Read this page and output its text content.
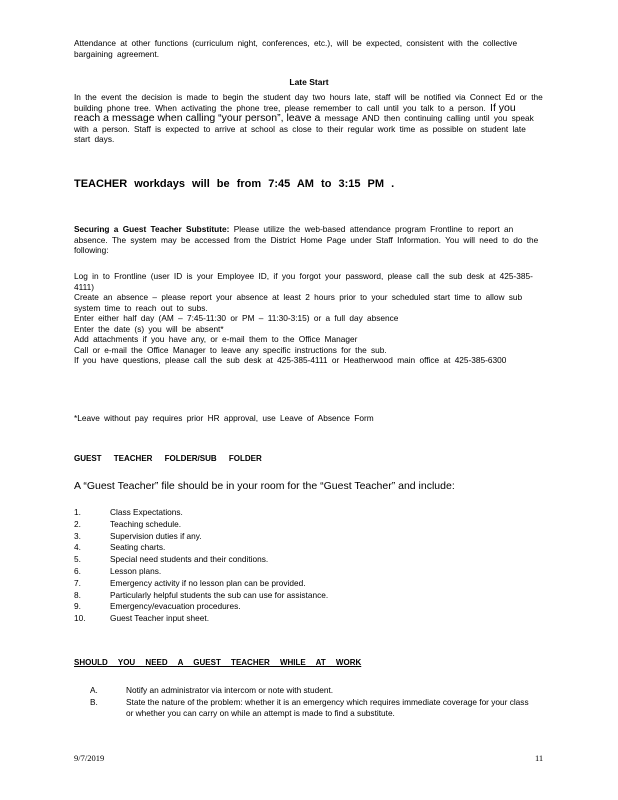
Attendance at other functions (curriculum night, conferences, etc.), will be expected, consistent with the collective bargaining agreement.

Late Start

In the event the decision is made to begin the student day two hours late, staff will be notified via Connect Ed or the building phone tree. When activating the phone tree, please remember to call until you talk to a person. If you reach a message when calling “your person”, leave a message AND then continuing calling until you speak with a person. Staff is expected to arrive at school as close to their regular work time as possible on student late start days.

TEACHER workdays will be from 7:45 AM to 3:15 PM .

Securing a Guest Teacher Substitute: Please utilize the web-based attendance program Frontline to report an absence. The system may be accessed from the District Home Page under Staff Information. You will need to do the following:

Log in to Frontline (user ID is your Employee ID, if you forgot your password, please call the sub desk at 425-385-4111)

Create an absence – please report your absence at least 2 hours prior to your scheduled start time to allow sub system time to reach out to subs.

Enter either half day (AM – 7:45-11:30 or PM – 11:30-3:15) or a full day absence

Enter the date (s) you will be absent*

Add attachments if you have any, or e-mail them to the Office Manager

Call or e-mail the Office Manager to leave any specific instructions for the sub.

If you have questions, please call the sub desk at 425-385-4111 or Heatherwood main office at 425-385-6300

*Leave without pay requires prior HR approval, use Leave of Absence Form

GUEST TEACHER FOLDER/SUB FOLDER
A “Guest Teacher” file should be in your room for the “Guest Teacher” and include:
1.	Class Expectations.
2.	Teaching schedule.
3.	Supervision duties if any.
4.	Seating charts.
5.	Special need students and their conditions.
6.	Lesson plans.
7.	Emergency activity if no lesson plan can be provided.
8.	Particularly helpful students the sub can use for assistance.
9.	Emergency/evacuation procedures.
10.	Guest Teacher input sheet.
SHOULD YOU NEED A GUEST TEACHER WHILE AT WORK
A.	Notify an administrator via intercom or note with student.
B.	State the nature of the problem: whether it is an emergency which requires immediate coverage for your class or whether you can carry on while an attempt is made to find a substitute.
9/7/2019	11
